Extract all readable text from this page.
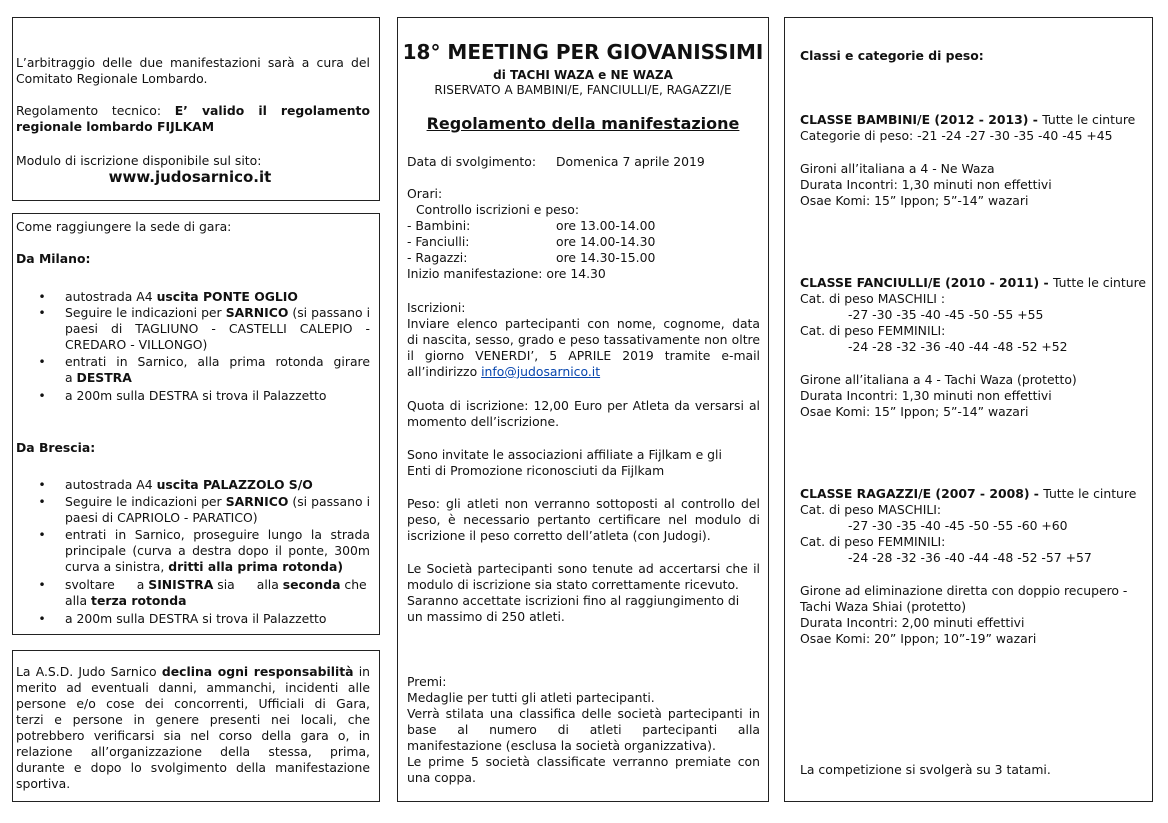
L’arbitraggio delle due manifestazioni sarà a cura del
Comitato Regionale Lombardo.
Regolamento tecnico: E’ valido il regolamento
regionale lombardo FIJLKAM
Modulo di iscrizione disponibile sul sito:
www.judosarnico.it
Come raggiungere la sede di gara:
Da Milano:
• autostrada A4 uscita PONTE OGLIO
• Seguire le indicazioni per SARNICO (si passano i
paesi di TAGLIUNO - CASTELLI CALEPIO -
CREDARO - VILLONGO)
• entrati in Sarnico, alla prima rotonda girare
a DESTRA
• a 200m sulla DESTRA si trova il Palazzetto
Da Brescia:
• autostrada A4 uscita PALAZZOLO S/O
• Seguire le indicazioni per SARNICO (si passano i
paesi di CAPRIOLO - PARATICO)
• entrati in Sarnico, proseguire lungo la strada
principale (curva a destra dopo il ponte, 300m
curva a sinistra, dritti alla prima rotonda)
• svoltare a SINISTRA sia alla seconda che
alla terza rotonda
• a 200m sulla DESTRA si trova il Palazzetto
La A.S.D. Judo Sarnico declina ogni responsabilità in
merito ad eventuali danni, ammanchi, incidenti alle
persone e/o cose dei concorrenti, Ufficiali di Gara,
terzi e persone in genere presenti nei locali, che
potrebbero verificarsi sia nel corso della gara o, in
relazione all’organizzazione della stessa, prima,
durante e dopo lo svolgimento della manifestazione
sportiva.
18° MEETING PER GIOVANISSIMI
di TACHI WAZA e NE WAZA
RISERVATO A BAMBINI/E, FANCIULLI/E, RAGAZZI/E
Regolamento della manifestazione
Data di svolgimento: Domenica 7 aprile 2019
Orari:
Controllo iscrizioni e peso:
- Bambini:	ore 13.00-14.00
- Fanciulli:	ore 14.00-14.30
- Ragazzi:	ore 14.30-15.00
Inizio manifestazione: ore 14.30
Iscrizioni:
Inviare elenco partecipanti con nome, cognome, data
di nascita, sesso, grado e peso tassativamente non oltre
il giorno VENERDI’, 5 APRILE 2019 tramite e-mail
all’indirizzo info@judosarnico.it
Quota di iscrizione: 12,00 Euro per Atleta da versarsi al
momento dell’iscrizione.
Sono invitate le associazioni affiliate a Fijlkam e gli
Enti di Promozione riconosciuti da Fijlkam
Peso: gli atleti non verranno sottoposti al controllo del
peso, è necessario pertanto certificare nel modulo di
iscrizione il peso corretto dell’atleta (con Judogi).
Le Società partecipanti sono tenute ad accertarsi che il
modulo di iscrizione sia stato correttamente ricevuto.
Saranno accettate iscrizioni fino al raggiungimento di
un massimo di 250 atleti.
Premi:
Medaglie per tutti gli atleti partecipanti.
Verrà stilata una classifica delle società partecipanti in
base al numero di atleti partecipanti alla
manifestazione (esclusa la società organizzativa).
Le prime 5 società classificate verranno premiate con
una coppa.
Classi e categorie di peso:
CLASSE BAMBINI/E (2012 - 2013) - Tutte le cinture
Categorie di peso: -21 -24 -27 -30 -35 -40 -45 +45
Gironi all’italiana a 4 - Ne Waza
Durata Incontri: 1,30 minuti non effettivi
Osae Komi: 15” Ippon; 5”-14” wazari
CLASSE FANCIULLI/E (2010 - 2011) - Tutte le cinture
Cat. di peso MASCHILI :
-27 -30 -35 -40 -45 -50 -55 +55
Cat. di peso FEMMINILI:
-24 -28 -32 -36 -40 -44 -48 -52 +52
Girone all’italiana a 4 - Tachi Waza (protetto)
Durata Incontri: 1,30 minuti non effettivi
Osae Komi: 15” Ippon; 5”-14” wazari
CLASSE RAGAZZI/E (2007 - 2008) - Tutte le cinture
Cat. di peso MASCHILI:
-27 -30 -35 -40 -45 -50 -55 -60 +60
Cat. di peso FEMMINILI:
-24 -28 -32 -36 -40 -44 -48 -52 -57 +57
Girone ad eliminazione diretta con doppio recupero -
Tachi Waza Shiai (protetto)
Durata Incontri: 2,00 minuti effettivi
Osae Komi: 20” Ippon; 10”-19” wazari
La competizione si svolgerà su 3 tatami.
